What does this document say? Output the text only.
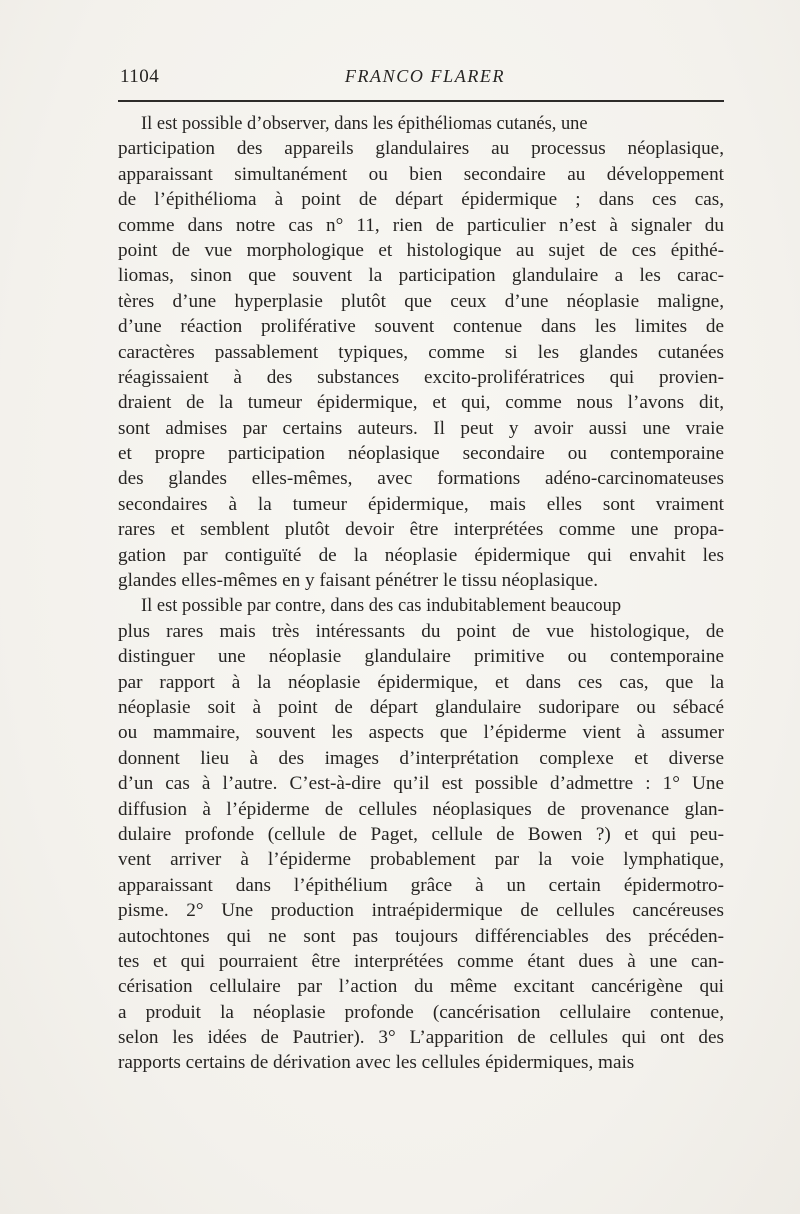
1104	FRANCO FLARER
Il est possible d’observer, dans les épithéliomas cutanés, une
participation des appareils glandulaires au processus néoplasique,
apparaissant simultanément ou bien secondaire au développement
de l’épithélioma à point de départ épidermique ; dans ces cas,
comme dans notre cas n° 11, rien de particulier n’est à signaler du
point de vue morphologique et histologique au sujet de ces épithé-
liomas, sinon que souvent la participation glandulaire a les carac-
tères d’une hyperplasie plutôt que ceux d’une néoplasie maligne,
d’une réaction proliférative souvent contenue dans les limites de
caractères passablement typiques, comme si les glandes cutanées
réagissaient à des substances excito-prolifératrices qui provien-
draient de la tumeur épidermique, et qui, comme nous l’avons dit,
sont admises par certains auteurs. Il peut y avoir aussi une vraie
et propre participation néoplasique secondaire ou contemporaine
des glandes elles-mêmes, avec formations adéno-carcinomateuses
secondaires à la tumeur épidermique, mais elles sont vraiment
rares et semblent plutôt devoir être interprétées comme une propa-
gation par contiguïté de la néoplasie épidermique qui envahit les
glandes elles-mêmes en y faisant pénétrer le tissu néoplasique.
Il est possible par contre, dans des cas indubitablement beaucoup
plus rares mais très intéressants du point de vue histologique, de
distinguer une néoplasie glandulaire primitive ou contemporaine
par rapport à la néoplasie épidermique, et dans ces cas, que la
néoplasie soit à point de départ glandulaire sudoripare ou sébacé
ou mammaire, souvent les aspects que l’épiderme vient à assumer
donnent lieu à des images d’interprétation complexe et diverse
d’un cas à l’autre. C’est-à-dire qu’il est possible d’admettre : 1° Une
diffusion à l’épiderme de cellules néoplasiques de provenance glan-
dulaire profonde (cellule de Paget, cellule de Bowen ?) et qui peu-
vent arriver à l’épiderme probablement par la voie lymphatique,
apparaissant dans l’épithélium grâce à un certain épidermotro-
pisme. 2° Une production intraépidermique de cellules cancéreuses
autochtones qui ne sont pas toujours différenciables des précéden-
tes et qui pourraient être interprétées comme étant dues à une can-
cérisation cellulaire par l’action du même excitant cancérigène qui
a produit la néoplasie profonde (cancérisation cellulaire contenue,
selon les idées de Pautrier). 3° L’apparition de cellules qui ont des
rapports certains de dérivation avec les cellules épidermiques, mais
